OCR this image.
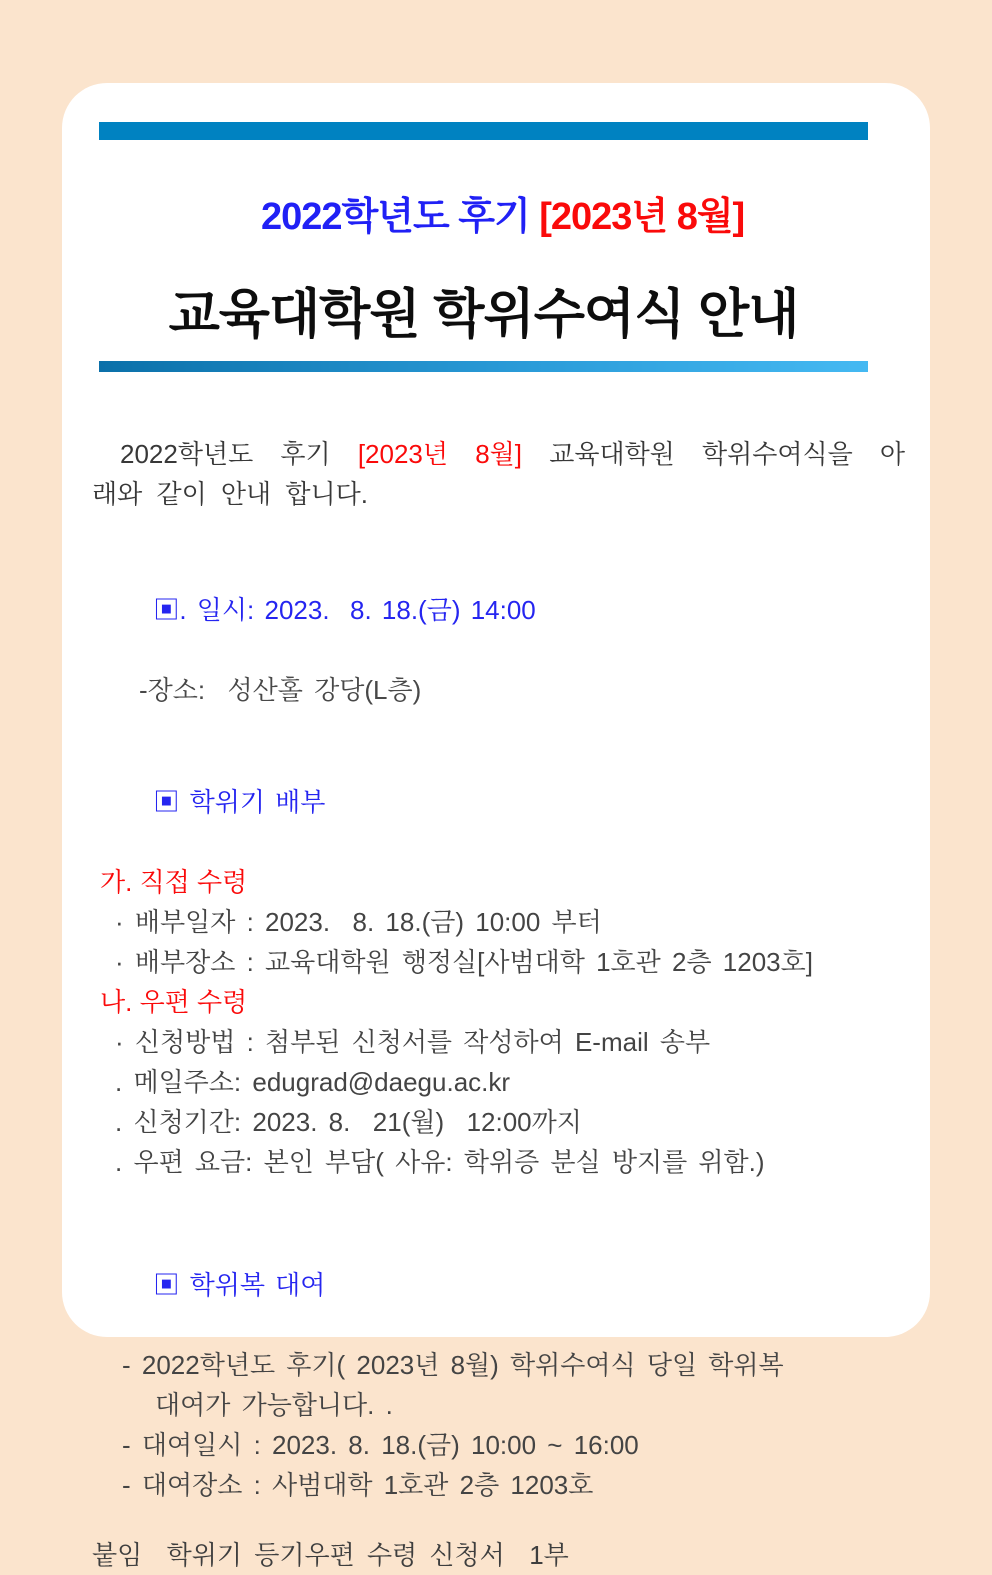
2022학년도 후기 [2023년 8월]

교육대학원 학위수여식 안내
2022학년도 후기 [2023년 8월] 교육대학원 학위수여식을 아
래와 같이 안내 합니다.

▣. 일시: 2023.  8. 18.(금) 14:00

-장소:  성산홀 강당(L층)

▣ 학위기 배부

가. 직접 수령
· 배부일자 : 2023.  8. 18.(금) 10:00 부터
· 배부장소 : 교육대학원 행정실[사범대학 1호관 2층 1203호]
나. 우편 수령
· 신청방법 : 첨부된 신청서를 작성하여 E-mail 송부
. 메일주소: edugrad@daegu.ac.kr
. 신청기간: 2023. 8.  21(월)  12:00까지
. 우편 요금: 본인 부담( 사유: 학위증 분실 방지를 위함.)

▣ 학위복 대여

- 2022학년도 후기( 2023년 8월) 학위수여식 당일 학위복
대여가 가능합니다. .
- 대여일시 : 2023. 8. 18.(금) 10:00 ~ 16:00
- 대여장소 : 사범대학 1호관 2층 1203호
붙임  학위기 등기우편 수령 신청서  1부
